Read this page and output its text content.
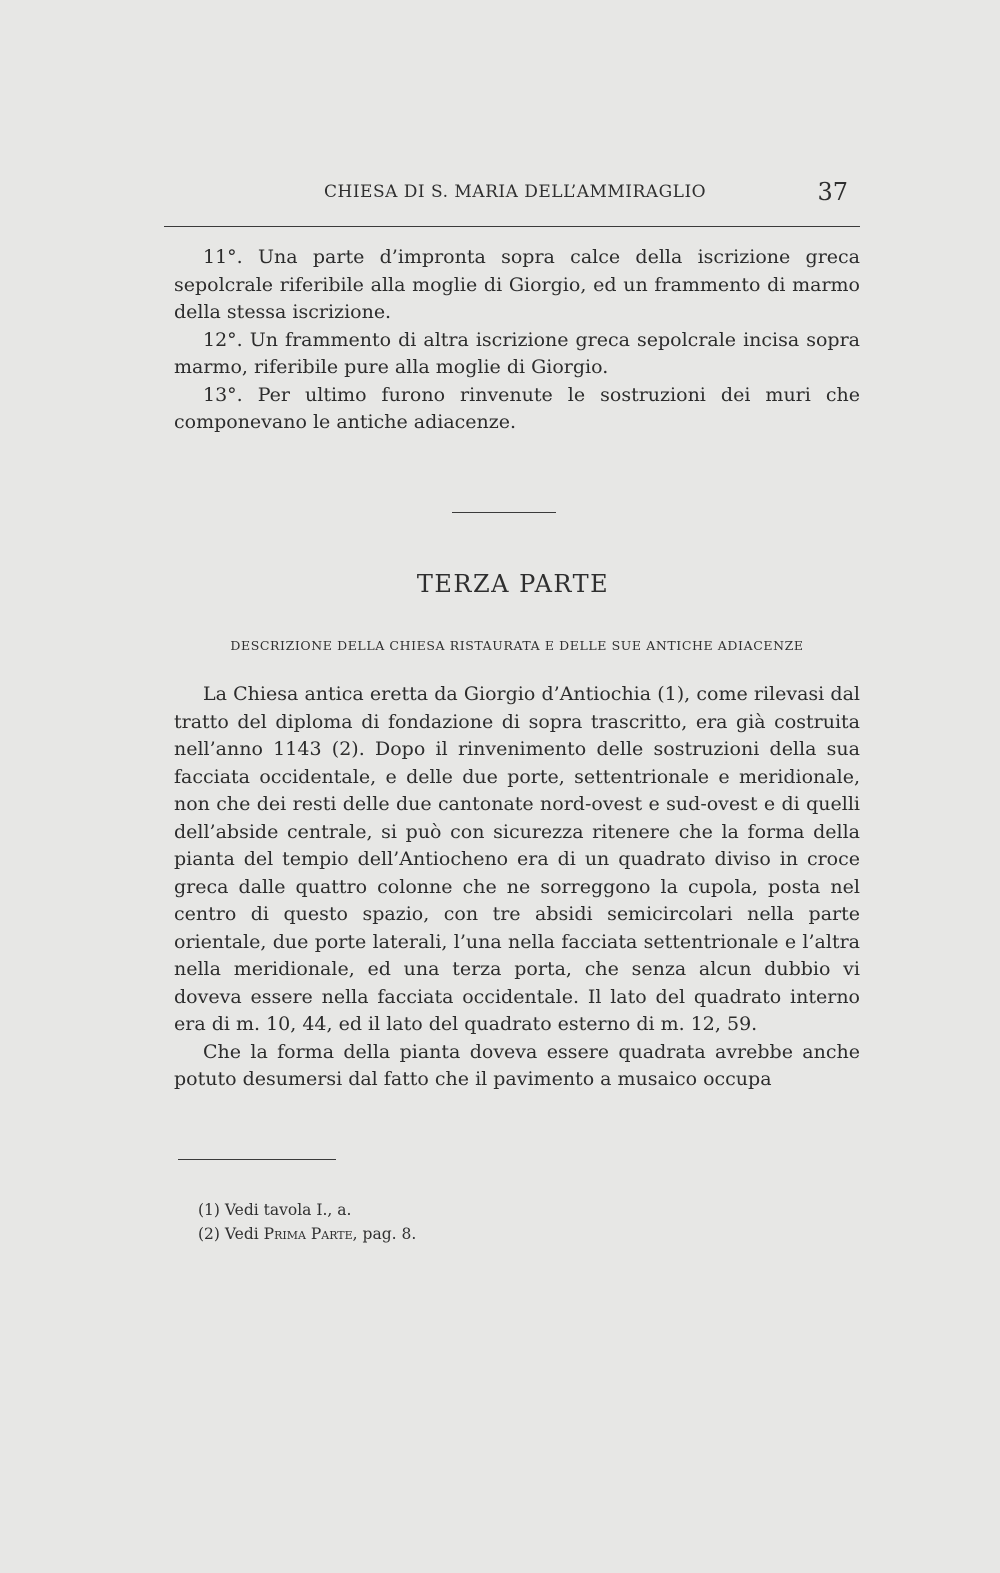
CHIESA DI S. MARIA DELL’AMMIRAGLIO	37

11°. Una parte d’impronta sopra calce della iscrizione greca sepolcrale riferibile alla moglie di Giorgio, ed un frammento di marmo della stessa iscrizione.

12°. Un frammento di altra iscrizione greca sepolcrale incisa sopra marmo, riferibile pure alla moglie di Giorgio.

13°. Per ultimo furono rinvenute le sostruzioni dei muri che componevano le antiche adiacenze.

TERZA PARTE
DESCRIZIONE DELLA CHIESA RISTAURATA E DELLE SUE ANTICHE ADIACENZE

La Chiesa antica eretta da Giorgio d’Antiochia (1), come rilevasi dal tratto del diploma di fondazione di sopra trascritto, era già costruita nell’anno 1143 (2). Dopo il rinvenimento delle sostruzioni della sua facciata occidentale, e delle due porte, settentrionale e meridionale, non che dei resti delle due cantonate nord-ovest e sud-ovest e di quelli dell’abside centrale, si può con sicurezza ritenere che la forma della pianta del tempio dell’Antiocheno era di un quadrato diviso in croce greca dalle quattro colonne che ne sorreggono la cupola, posta nel centro di questo spazio, con tre absidi semicircolari nella parte orientale, due porte laterali, l’una nella facciata settentrionale e l’altra nella meridionale, ed una terza porta, che senza alcun dubbio vi doveva essere nella facciata occidentale. Il lato del quadrato interno era di m. 10, 44, ed il lato del quadrato esterno di m. 12, 59.

Che la forma della pianta doveva essere quadrata avrebbe anche potuto desumersi dal fatto che il pavimento a musaico occupa

(1) Vedi tavola I., a.
(2) Vedi Prima Parte, pag. 8.
